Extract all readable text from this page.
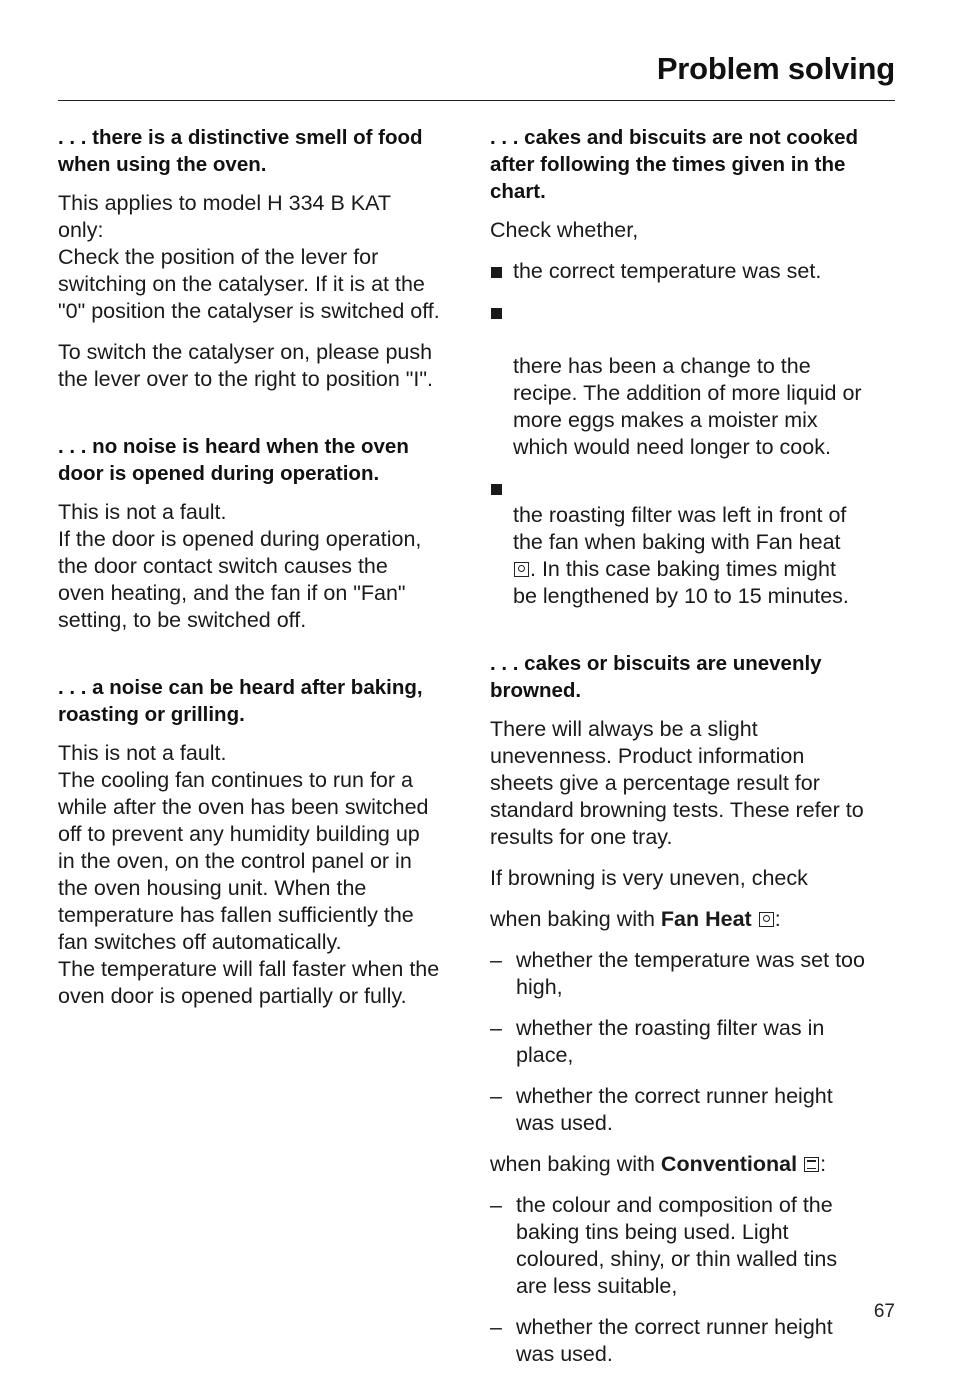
Problem solving
. . . there is a distinctive smell of food
when using the oven.
This applies to model H 334 B KAT
only:
Check the position of the lever for
switching on the catalyser. If it is at the
"0" position the catalyser is switched off.
To switch the catalyser on, please push
the lever over to the right to position "I".
. . . no noise is heard when the oven
door is opened during operation.
This is not a fault.
If the door is opened during operation,
the door contact switch causes the
oven heating, and the fan if on "Fan"
setting, to be switched off.
. . . a noise can be heard after baking,
roasting or grilling.
This is not a fault.
The cooling fan continues to run for a
while after the oven has been switched
off to prevent any humidity building up
in the oven, on the control panel or in
the oven housing unit. When the
temperature has fallen sufficiently the
fan switches off automatically.
The temperature will fall faster when the
oven door is opened partially or fully.
. . . cakes and biscuits are not cooked
after following the times given in the
chart.
Check whether,
the correct temperature was set.

there has been a change to the
recipe. The addition of more liquid or
more eggs makes a moister mix
which would need longer to cook.

the roasting filter was left in front of
the fan when baking with Fan heat
. In this case baking times might
be lengthened by 10 to 15 minutes.

. . . cakes or biscuits are unevenly
browned.
There will always be a slight
unevenness. Product information
sheets give a percentage result for
standard browning tests. These refer to
results for one tray.
If browning is very uneven, check
when baking with Fan Heat :
– whether the temperature was set too
high,
– whether the roasting filter was in
place,
– whether the correct runner height
was used.
when baking with Conventional :
– the colour and composition of the
baking tins being used. Light
coloured, shiny, or thin walled tins
are less suitable,
– whether the correct runner height
was used.
67
